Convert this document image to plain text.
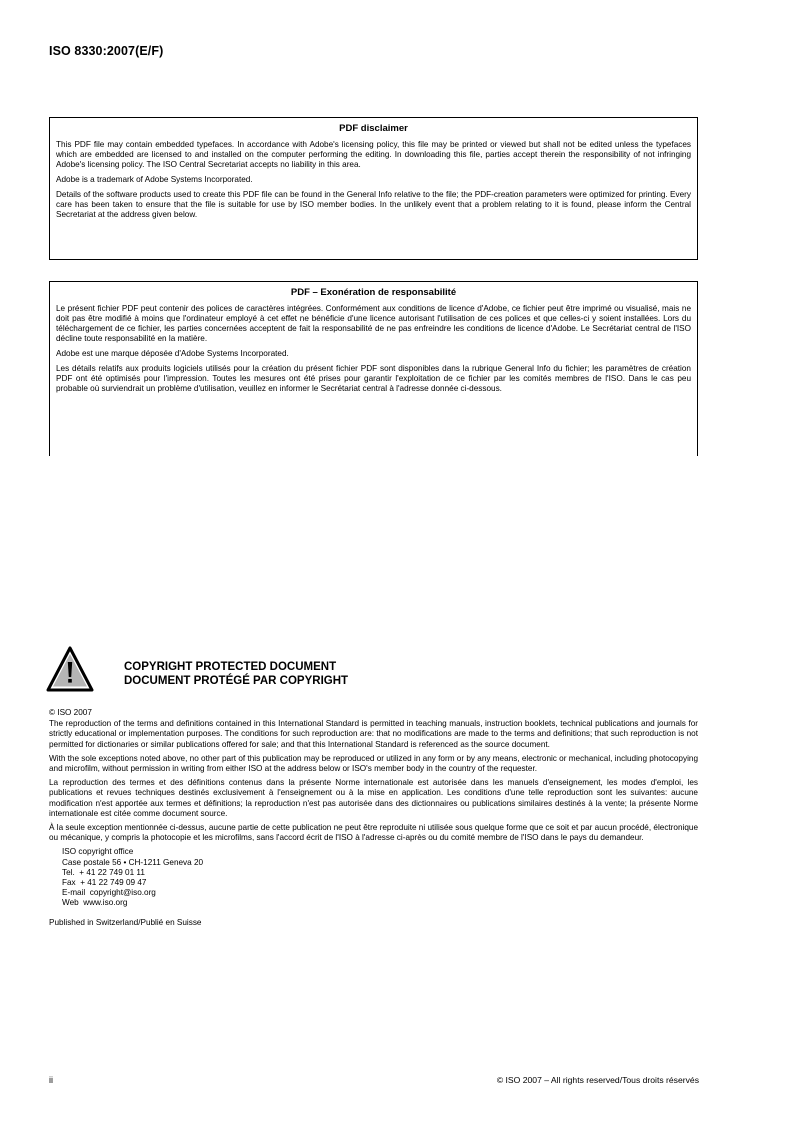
ISO 8330:2007(E/F)
PDF disclaimer

This PDF file may contain embedded typefaces. In accordance with Adobe's licensing policy, this file may be printed or viewed but shall not be edited unless the typefaces which are embedded are licensed to and installed on the computer performing the editing. In downloading this file, parties accept therein the responsibility of not infringing Adobe's licensing policy. The ISO Central Secretariat accepts no liability in this area.

Adobe is a trademark of Adobe Systems Incorporated.

Details of the software products used to create this PDF file can be found in the General Info relative to the file; the PDF-creation parameters were optimized for printing. Every care has been taken to ensure that the file is suitable for use by ISO member bodies. In the unlikely event that a problem relating to it is found, please inform the Central Secretariat at the address given below.

PDF – Exonération de responsabilité

Le présent fichier PDF peut contenir des polices de caractères intégrées. Conformément aux conditions de licence d'Adobe, ce fichier peut être imprimé ou visualisé, mais ne doit pas être modifié à moins que l'ordinateur employé à cet effet ne bénéficie d'une licence autorisant l'utilisation de ces polices et que celles-ci y soient installées. Lors du téléchargement de ce fichier, les parties concernées acceptent de fait la responsabilité de ne pas enfreindre les conditions de licence d'Adobe. Le Secrétariat central de l'ISO décline toute responsabilité en la matière.

Adobe est une marque déposée d'Adobe Systems Incorporated.

Les détails relatifs aux produits logiciels utilisés pour la création du présent fichier PDF sont disponibles dans la rubrique General Info du fichier; les paramètres de création PDF ont été optimisés pour l'impression. Toutes les mesures ont été prises pour garantir l'exploitation de ce fichier par les comités membres de l'ISO. Dans le cas peu probable où surviendrait un problème d'utilisation, veuillez en informer le Secrétariat central à l'adresse donnée ci-dessous.

COPYRIGHT PROTECTED DOCUMENT
DOCUMENT PROTÉGÉ PAR COPYRIGHT

© ISO 2007

The reproduction of the terms and definitions contained in this International Standard is permitted in teaching manuals, instruction booklets, technical publications and journals for strictly educational or implementation purposes. The conditions for such reproduction are: that no modifications are made to the terms and definitions; that such reproduction is not permitted for dictionaries or similar publications offered for sale; and that this International Standard is referenced as the source document.

With the sole exceptions noted above, no other part of this publication may be reproduced or utilized in any form or by any means, electronic or mechanical, including photocopying and microfilm, without permission in writing from either ISO at the address below or ISO's member body in the country of the requester.

La reproduction des termes et des définitions contenus dans la présente Norme internationale est autorisée dans les manuels d'enseignement, les modes d'emploi, les publications et revues techniques destinés exclusivement à l'enseignement ou à la mise en application. Les conditions d'une telle reproduction sont les suivantes: aucune modification n'est apportée aux termes et définitions; la reproduction n'est pas autorisée dans des dictionnaires ou publications similaires destinés à la vente; la présente Norme internationale est citée comme document source.

À la seule exception mentionnée ci-dessus, aucune partie de cette publication ne peut être reproduite ni utilisée sous quelque forme que ce soit et par aucun procédé, électronique ou mécanique, y compris la photocopie et les microfilms, sans l'accord écrit de l'ISO à l'adresse ci-après ou du comité membre de l'ISO dans le pays du demandeur.

ISO copyright office
Case postale 56 • CH-1211 Geneva 20
Tel.  + 41 22 749 01 11
Fax  + 41 22 749 09 47
E-mail  copyright@iso.org
Web  www.iso.org
Published in Switzerland/Publié en Suisse
ii	© ISO 2007 – All rights reserved/Tous droits réservés
